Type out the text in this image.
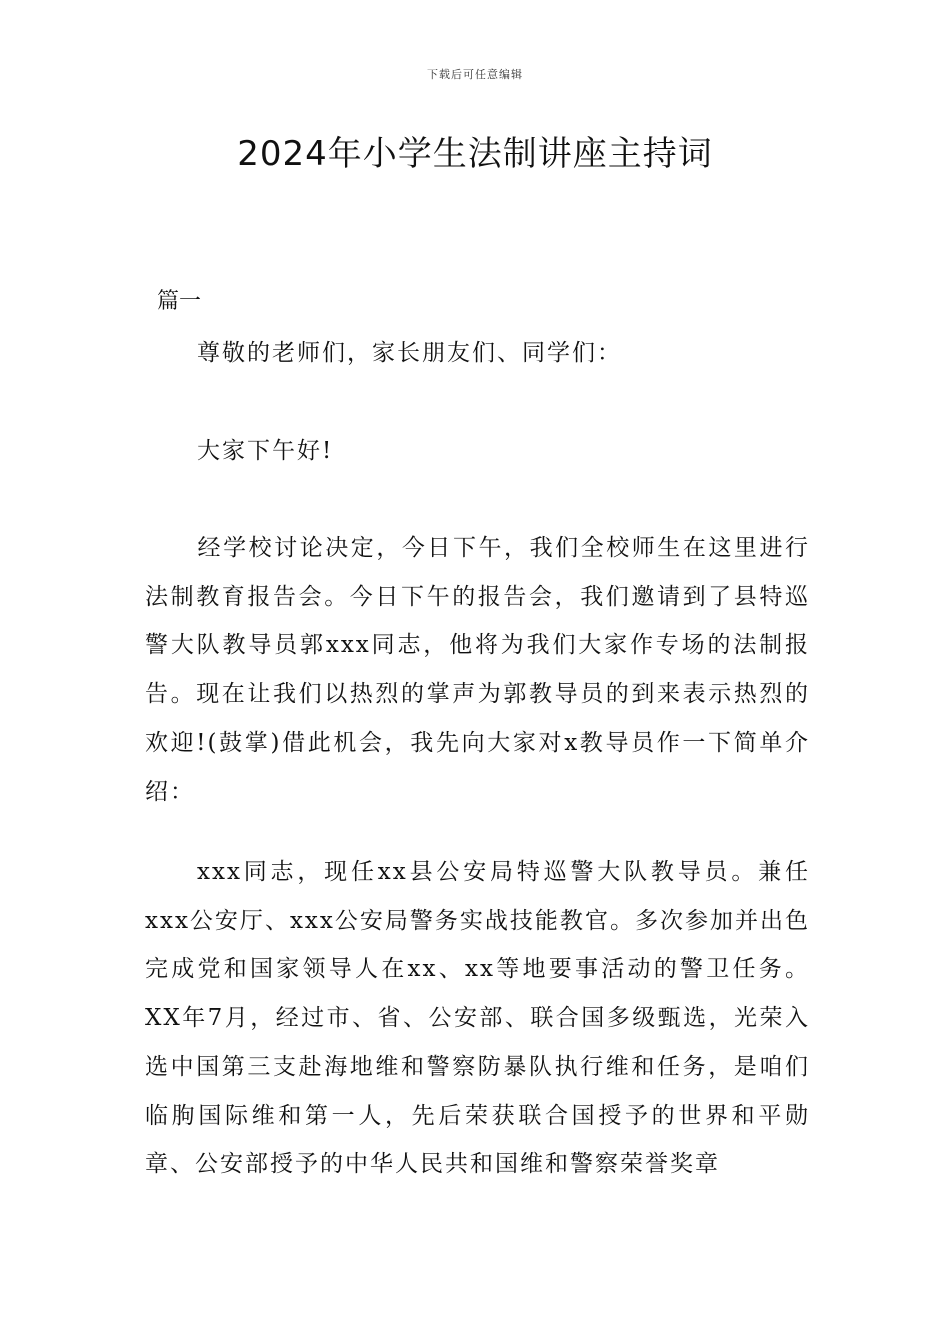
下载后可任意编辑
2024年小学生法制讲座主持词
篇一

尊敬的老师们，家长朋友们、同学们：

大家下午好!

经学校讨论决定，今日下午，我们全校师生在这里进行法制教育报告会。今日下午的报告会，我们邀请到了县特巡警大队教导员郭xxx同志，他将为我们大家作专场的法制报告。现在让我们以热烈的掌声为郭教导员的到来表示热烈的欢迎!(鼓掌)借此机会，我先向大家对x教导员作一下简单介绍：

xxx同志，现任xx县公安局特巡警大队教导员。兼任xxx公安厅、xxx公安局警务实战技能教官。多次参加并出色完成党和国家领导人在xx、xx等地要事活动的警卫任务。XX年7月，经过市、省、公安部、联合国多级甄选，光荣入选中国第三支赴海地维和警察防暴队执行维和任务，是咱们临朐国际维和第一人，先后荣获联合国授予的世界和平勋章、公安部授予的中华人民共和国维和警察荣誉奖章
